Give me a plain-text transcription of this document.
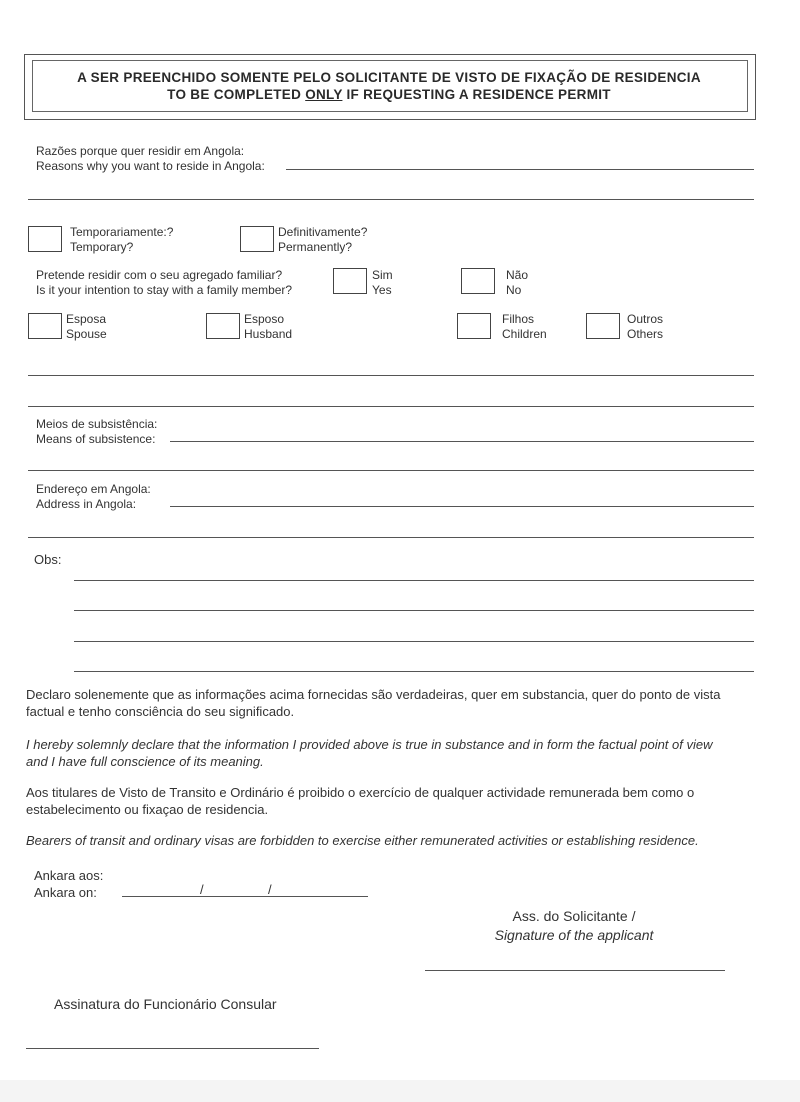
A SER PREENCHIDO SOMENTE PELO SOLICITANTE DE VISTO DE FIXAÇÃO DE RESIDENCIA
TO BE COMPLETED ONLY IF REQUESTING A RESIDENCE PERMIT
Razões porque quer residir em Angola:
Reasons why you want to reside in Angola:
Temporariamente:?
Temporary?
Definitivamente?
Permanently?
Pretende residir com o seu agregado familiar?
Is it your intention to stay with a family member?
Sim
Yes
Não
No
Esposa
Spouse
Esposo
Husband
Filhos
Children
Outros
Others
Meios de subsistência:
Means of subsistence:
Endereço em Angola:
Address in Angola:
Obs:
Declaro solenemente que as informações acima fornecidas são verdadeiras, quer em substancia, quer do ponto de vista
factual e tenho consciência do seu significado.
I hereby solemnly declare that the information I provided above is true in substance and in form the factual point of view
and I have full conscience of its meaning.
Aos titulares de Visto de Transito e Ordinário é proibido o exercício de qualquer actividade remunerada bem como o
estabelecimento ou fixaçao de residencia.
Bearers of transit and ordinary visas are forbidden to exercise either remunerated activities or establishing residence.
Ankara aos:
Ankara on:	/	/
Ass. do Solicitante /
Signature of the applicant
Assinatura do Funcionário Consular
